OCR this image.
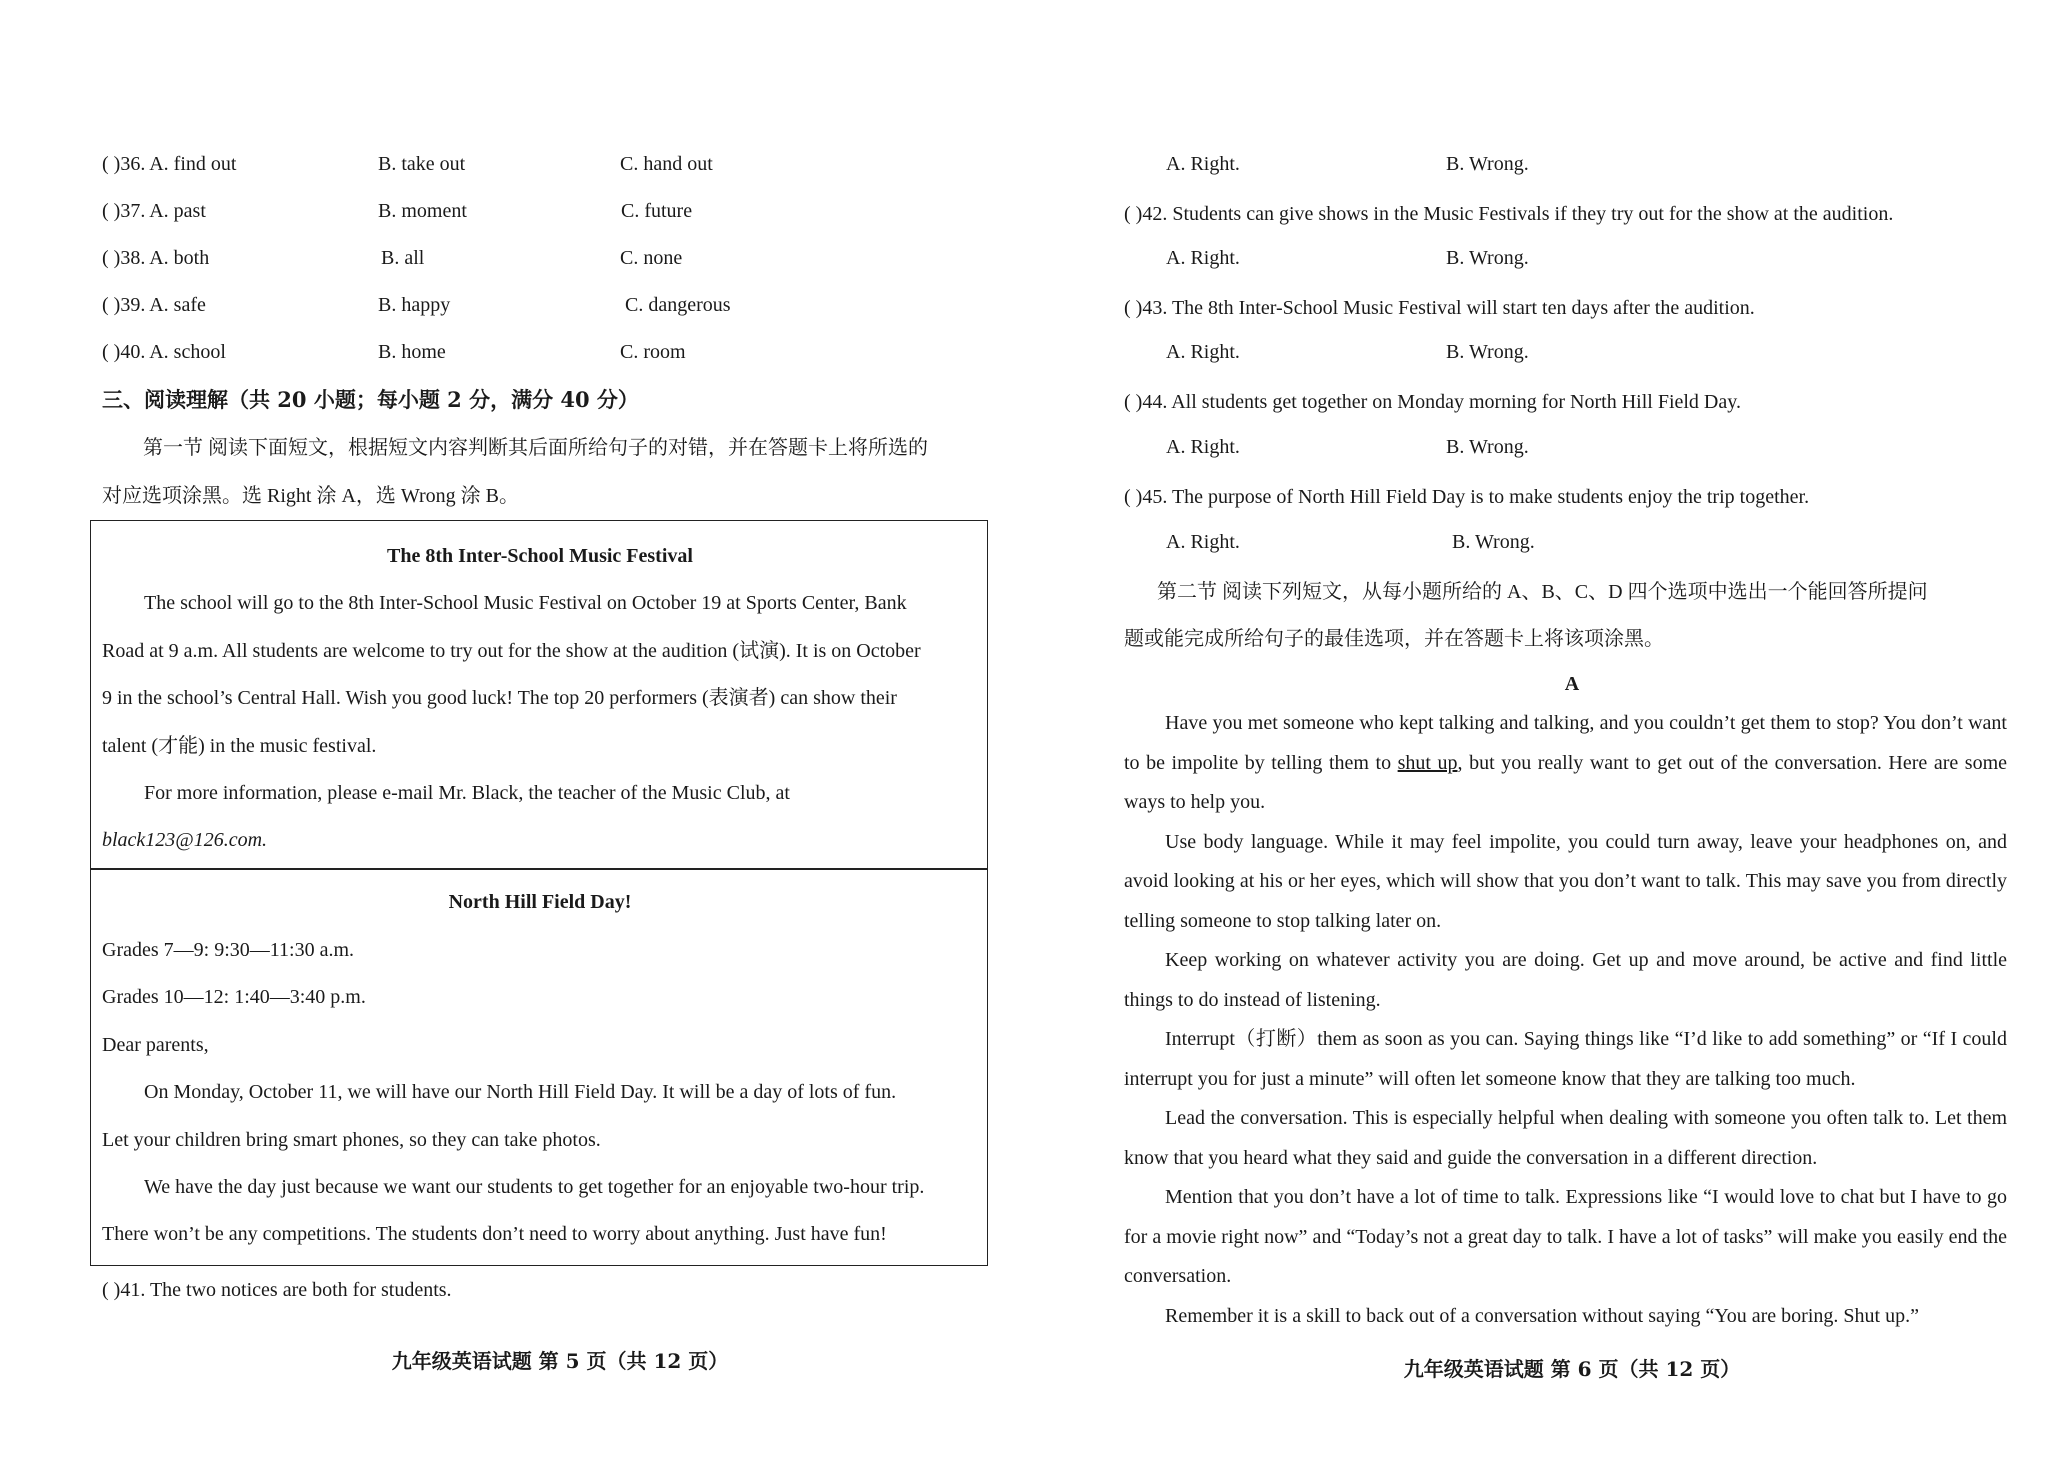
( )36. A. find out	B. take out	C. hand out
( )37. A. past	B. moment	C. future
( )38. A. both	B. all	C. none
( )39. A. safe	B. happy	C. dangerous
( )40. A. school	B. home	C. room
三、阅读理解（共 20 小题；每小题 2 分，满分 40 分）
第一节 阅读下面短文，根据短文内容判断其后面所给句子的对错，并在答题卡上将所选的
对应选项涂黑。选 Right 涂 A，选 Wrong 涂 B。
The 8th Inter-School Music Festival
The school will go to the 8th Inter-School Music Festival on October 19 at Sports Center, Bank
Road at 9 a.m. All students are welcome to try out for the show at the audition (试演). It is on October
9 in the school’s Central Hall. Wish you good luck! The top 20 performers (表演者) can show their
talent (才能) in the music festival.
For more information, please e-mail Mr. Black, the teacher of the Music Club, at
black123@126.com.
North Hill Field Day!
Grades 7—9: 9:30—11:30 a.m.
Grades 10—12: 1:40—3:40 p.m.
Dear parents,
On Monday, October 11, we will have our North Hill Field Day. It will be a day of lots of fun.
Let your children bring smart phones, so they can take photos.
We have the day just because we want our students to get together for an enjoyable two-hour trip.
There won’t be any competitions. The students don’t need to worry about anything. Just have fun!
( )41. The two notices are both for students.
九年级英语试题 第 5 页（共 12 页）
A. Right.	B. Wrong.
( )42. Students can give shows in the Music Festivals if they try out for the show at the audition.
A. Right.	B. Wrong.
( )43. The 8th Inter-School Music Festival will start ten days after the audition.
A. Right.	B. Wrong.
( )44. All students get together on Monday morning for North Hill Field Day.
A. Right.	B. Wrong.
( )45. The purpose of North Hill Field Day is to make students enjoy the trip together.
A. Right.	B. Wrong.
第二节 阅读下列短文，从每小题所给的 A、B、C、D 四个选项中选出一个能回答所提问
题或能完成所给句子的最佳选项，并在答题卡上将该项涂黑。
A

Have you met someone who kept talking and talking, and you couldn’t get them to stop? You don’t want to be impolite by telling them to shut up, but you really want to get out of the conversation. Here are some ways to help you.

Use body language. While it may feel impolite, you could turn away, leave your headphones on, and avoid looking at his or her eyes, which will show that you don’t want to talk. This may save you from directly telling someone to stop talking later on.

Keep working on whatever activity you are doing. Get up and move around, be active and find little things to do instead of listening.

Interrupt（打断）them as soon as you can. Saying things like “I’d like to add something” or “If I could interrupt you for just a minute” will often let someone know that they are talking too much.

Lead the conversation. This is especially helpful when dealing with someone you often talk to. Let them know that you heard what they said and guide the conversation in a different direction.

Mention that you don’t have a lot of time to talk. Expressions like “I would love to chat but I have to go for a movie right now” and “Today’s not a great day to talk. I have a lot of tasks” will make you easily end the conversation.

Remember it is a skill to back out of a conversation without saying “You are boring. Shut up.”

九年级英语试题 第 6 页（共 12 页）
